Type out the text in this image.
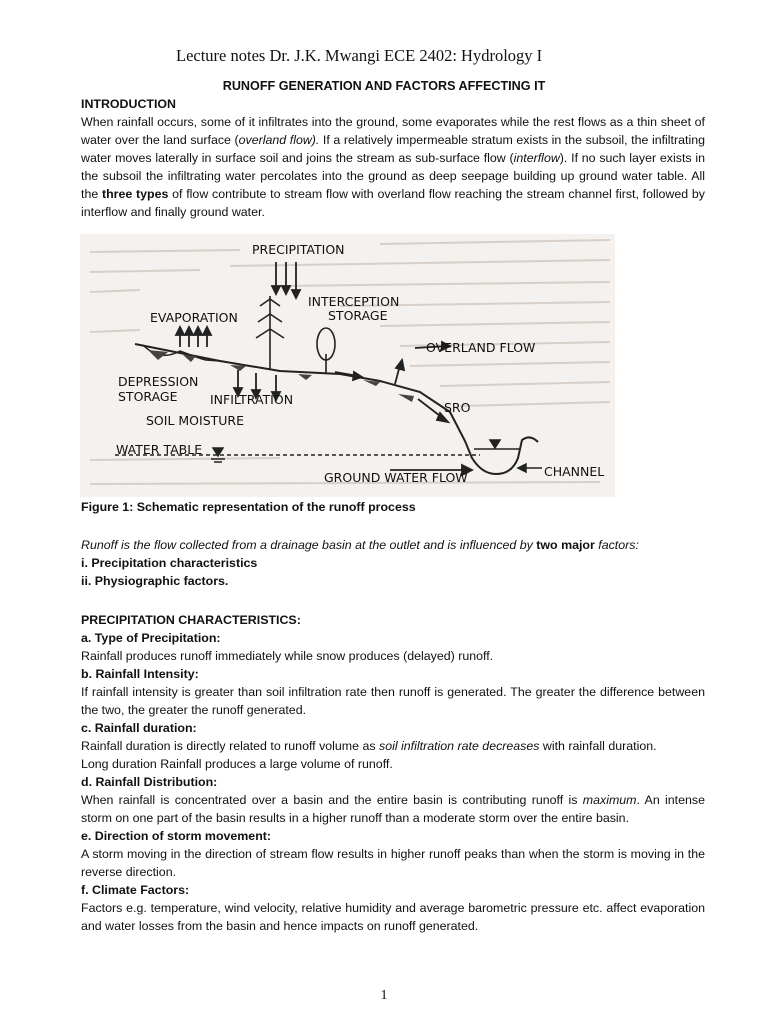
Lecture notes Dr. J.K. Mwangi ECE 2402: Hydrology I
RUNOFF GENERATION AND FACTORS AFFECTING IT
INTRODUCTION
When rainfall occurs, some of it infiltrates into the ground, some evaporates while the rest flows as a thin sheet of water over the land surface (overland flow). If a relatively impermeable stratum exists in the subsoil, the infiltrating water moves laterally in surface soil and joins the stream as sub-surface flow (interflow). If no such layer exists in the subsoil the infiltrating water percolates into the ground as deep seepage building up ground water table. All the three types of flow contribute to stream flow with overland flow reaching the stream channel first, followed by interflow and finally ground water.
PRECIPITATION
INTERCEPTION
STORAGE
EVAPORATION
OVERLAND FLOW
DEPRESSION
STORAGE	INFILTRATION
SRO
SOIL MOISTURE
WATER TABLE
GROUND WATER FLOW	CHANNEL
Figure 1: Schematic representation of the runoff process
Runoff is the flow collected from a drainage basin at the outlet and is influenced by two major factors:
i. Precipitation characteristics
ii. Physiographic factors.
PRECIPITATION CHARACTERISTICS:
a. Type of Precipitation:
Rainfall produces runoff immediately while snow produces (delayed) runoff.
b. Rainfall Intensity:
If rainfall intensity is greater than soil infiltration rate then runoff is generated. The greater the difference between the two, the greater the runoff generated.
c. Rainfall duration:
Rainfall duration is directly related to runoff volume as soil infiltration rate decreases with rainfall duration.
Long duration Rainfall produces a large volume of runoff.
d. Rainfall Distribution:
When rainfall is concentrated over a basin and the entire basin is contributing runoff is maximum. An intense storm on one part of the basin results in a higher runoff than a moderate storm over the entire basin.
e. Direction of storm movement:
A storm moving in the direction of stream flow results in higher runoff peaks than when the storm is moving in the reverse direction.
f. Climate Factors:
Factors e.g. temperature, wind velocity, relative humidity and average barometric pressure etc. affect evaporation and water losses from the basin and hence impacts on runoff generated.
1
